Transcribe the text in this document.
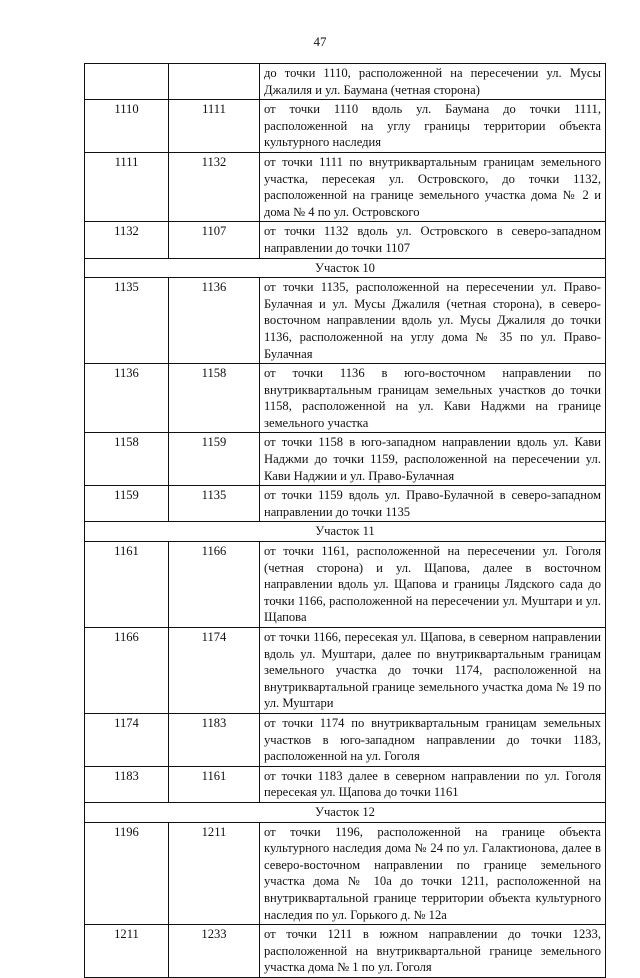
47
		до точки 1110, расположенной на пересечении ул. Мусы Джалиля и ул. Баумана (четная сторона)
1110	1111	от точки 1110 вдоль ул. Баумана до точки 1111, расположенной на углу границы территории объекта культурного наследия
1111	1132	от точки 1111 по внутриквартальным границам земельного участка, пересекая ул. Островского, до точки 1132, расположенной на границе земельного участка дома № 2 и дома № 4 по ул. Островского
1132	1107	от точки 1132 вдоль ул. Островского в северо-западном направлении до точки 1107
Участок 10		
1135	1136	от точки 1135, расположенной на пересечении ул. Право-Булачная и ул. Мусы Джалиля (четная сторона), в северо-восточном направлении вдоль ул. Мусы Джалиля до точки 1136, расположенной на углу дома № 35 по ул. Право-Булачная
1136	1158	от точки 1136 в юго-восточном направлении по внутриквартальным границам земельных участков до точки 1158, расположенной на ул. Кави Наджми на границе земельного участка
1158	1159	от точки 1158 в юго-западном направлении вдоль ул. Кави Наджми до точки 1159, расположенной на пересечении ул. Кави Наджии и ул. Право-Булачная
1159	1135	от точки 1159 вдоль ул. Право-Булачной в северо-западном направлении до точки 1135
Участок 11		
1161	1166	от точки 1161, расположенной на пересечении ул. Гоголя (четная сторона) и ул. Щапова, далее в восточном направлении вдоль ул. Щапова и границы Лядского сада до точки 1166, расположенной на пересечении ул. Муштари и ул. Щапова
1166	1174	от точки 1166, пересекая ул. Щапова, в северном направлении вдоль ул. Муштари, далее по внутриквартальным границам земельного участка до точки 1174, расположенной на внутриквартальной границе земельного участка дома № 19 по ул. Муштари
1174	1183	от точки 1174 по внутриквартальным границам земельных участков в юго-западном направлении до точки 1183, расположенной на ул. Гоголя
1183	1161	от точки 1183 далее в северном направлении по ул. Гоголя пересекая ул. Щапова до точки 1161
Участок 12		
1196	1211	от точки 1196, расположенной на границе объекта культурного наследия дома № 24 по ул. Галактионова, далее в северо-восточном направлении по границе земельного участка дома № 10а до точки 1211, расположенной на внутриквартальной границе территории объекта культурного наследия по ул. Горького д. № 12а
1211	1233	от точки 1211 в южном направлении до точки 1233, расположенной на внутриквартальной границе земельного участка дома № 1 по ул. Гоголя
